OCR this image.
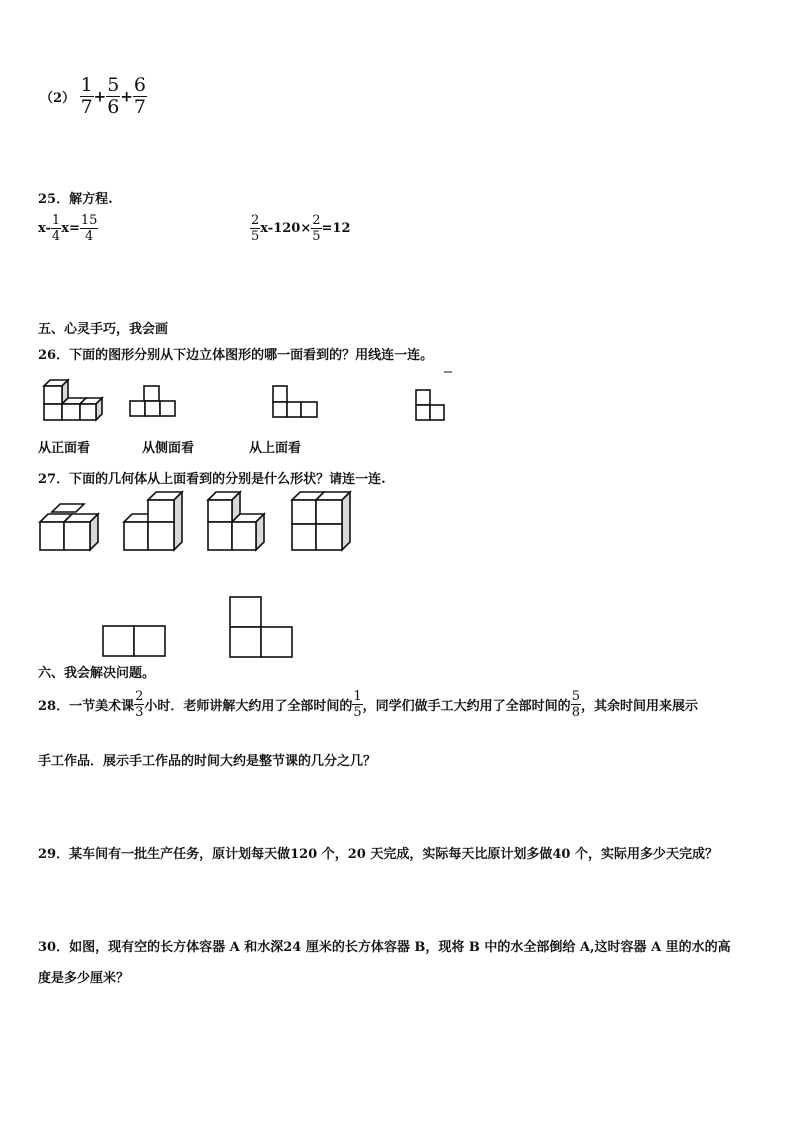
$(2) \frac{1}{7} + \frac{5}{6} + \frac{6}{7}$
25．解方程.
$x- \frac{1}{4} x= \frac{15}{4}$	$\frac{2}{5} x-120\times \frac{2}{5} =12$
五、心灵手巧，我会画
26．下面的图形分别从下边立体图形的哪一面看到的？用线连一连。
从正面看	从侧面看	从上面看
27．下面的几何体从上面看到的分别是什么形状？请连一连.
六、我会解决问题。
28．一节美术课 $\frac{2}{3}$ 小时．老师讲解大约用了全部时间的 $\frac{1}{5}$ ，同学们做手工大约用了全部时间的 $\frac{5}{8}$ ，其余时间用来展示
手工作品．展示手工作品的时间大约是整节课的几分之几？
29．某车间有一批生产任务，原计划每天做120 个，20 天完成，实际每天比原计划多做40 个，实际用多少天完成？
30．如图，现有空的长方体容器 A 和水深24 厘米的长方体容器 B，现将 B 中的水全部倒给 A,这时容器 A 里的水的高
度是多少厘米？
